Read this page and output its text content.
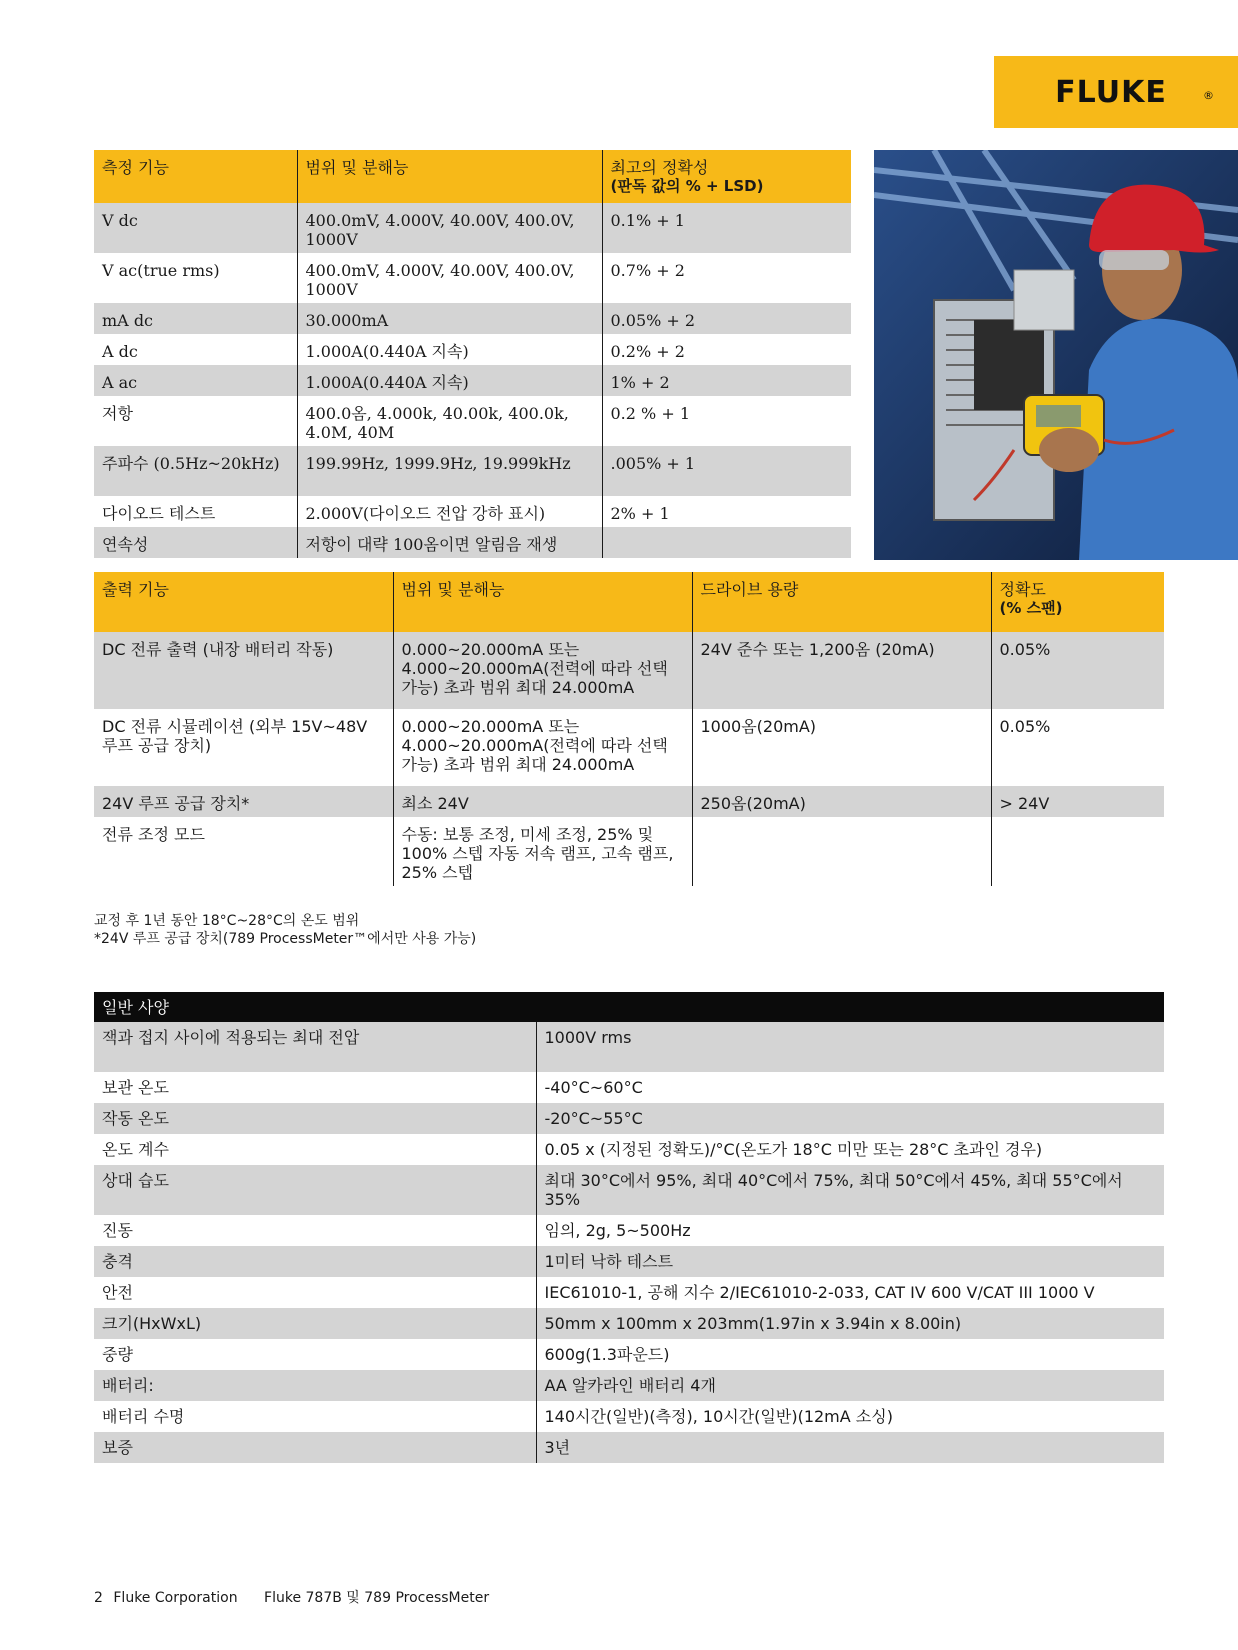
FLUKE	®
측정 기능	범위 및 분해능	최고의 정확성
(판독 값의 % + LSD)

V dc	400.0mV, 4.000V, 40.00V, 400.0V, 1000V	0.1% + 1
V ac(true rms)	400.0mV, 4.000V, 40.00V, 400.0V, 1000V	0.7% + 2
mA dc	30.000mA	0.05% + 2
A dc	1.000A(0.440A 지속)	0.2% + 2
A ac	1.000A(0.440A 지속)	1% + 2
저항	400.0옴, 4.000k, 40.00k, 400.0k, 4.0M, 40M	0.2 % + 1
주파수 (0.5Hz~20kHz)	199.99Hz, 1999.9Hz, 19.999kHz	.005% + 1
다이오드 테스트	2.000V(다이오드 전압 강하 표시)	2% + 1
연속성	저항이 대략 100옴이면 알림음 재생	
출력 기능	범위 및 분해능	드라이브 용량	정확도
(% 스팬)

DC 전류 출력 (내장 배터리 작동)	0.000~20.000mA 또는 4.000~20.000mA(전력에 따라 선택 가능) 초과 범위 최대 24.000mA	24V 준수 또는 1,200옴 (20mA)	0.05%
DC 전류 시뮬레이션 (외부 15V~48V 루프 공급 장치)	0.000~20.000mA 또는 4.000~20.000mA(전력에 따라 선택 가능) 초과 범위 최대 24.000mA	1000옴(20mA)	0.05%
24V 루프 공급 장치*	최소 24V	250옴(20mA)	> 24V
전류 조정 모드	수동: 보통 조정, 미세 조정, 25% 및 100% 스텝 자동 저속 램프, 고속 램프, 25% 스텝		
교정 후 1년 동안 18°C~28°C의 온도 범위
*24V 루프 공급 장치(789 ProcessMeter™에서만 사용 가능)
일반 사양	
잭과 접지 사이에 적용되는 최대 전압	1000V rms
보관 온도	-40°C~60°C
작동 온도	-20°C~55°C
온도 계수	0.05 x (지정된 정확도)/°C(온도가 18°C 미만 또는 28°C 초과인 경우)
상대 습도	최대 30°C에서 95%, 최대 40°C에서 75%, 최대 50°C에서 45%, 최대 55°C에서 35%
진동	임의, 2g, 5~500Hz
충격	1미터 낙하 테스트
안전	IEC61010-1, 공해 지수 2/IEC61010-2-033, CAT IV 600 V/CAT III 1000 V
크기(HxWxL)	50mm x 100mm x 203mm(1.97in x 3.94in x 8.00in)
중량	600g(1.3파운드)
배터리:	AA 알카라인 배터리 4개
배터리 수명	140시간(일반)(측정), 10시간(일반)(12mA 소싱)
보증	3년
2 Fluke Corporation Fluke 787B 및 789 ProcessMeter
